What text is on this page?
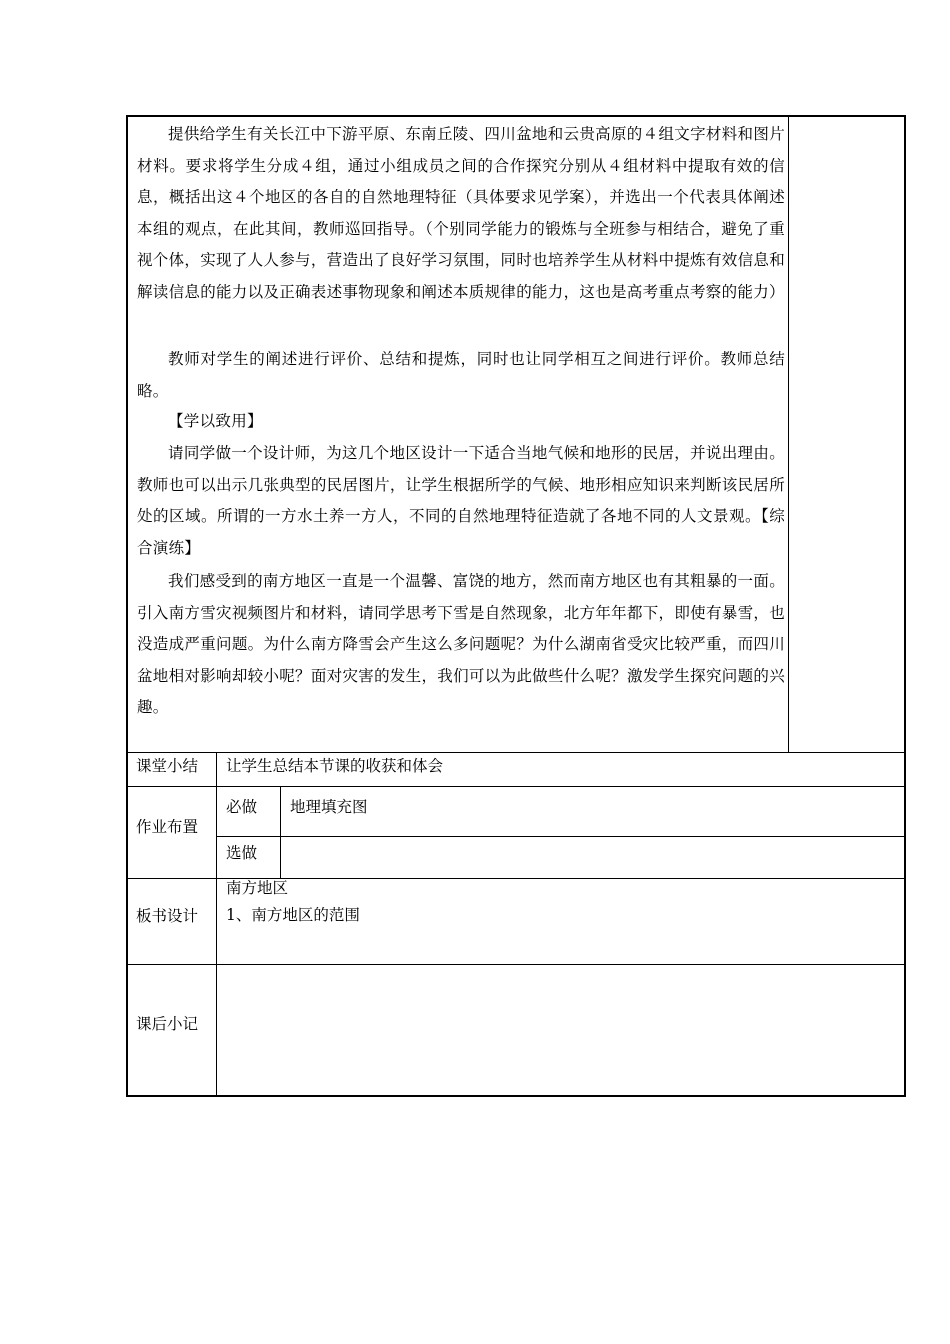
提供给学生有关长江中下游平原、东南丘陵、四川盆地和云贵高原的４组文字材料和图片材料。要求将学生分成４组，通过小组成员之间的合作探究分别从４组材料中提取有效的信息，概括出这４个地区的各自的自然地理特征（具体要求见学案），并选出一个代表具体阐述本组的观点，在此其间，教师巡回指导。（个别同学能力的锻炼与全班参与相结合，避免了重视个体，实现了人人参与，营造出了良好学习氛围，同时也培养学生从材料中提炼有效信息和解读信息的能力以及正确表述事物现象和阐述本质规律的能力，这也是高考重点考察的能力）

教师对学生的阐述进行评价、总结和提炼，同时也让同学相互之间进行评价。教师总结略。

【学以致用】

请同学做一个设计师，为这几个地区设计一下适合当地气候和地形的民居，并说出理由。教师也可以出示几张典型的民居图片，让学生根据所学的气候、地形相应知识来判断该民居所处的区域。所谓的一方水土养一方人，不同的自然地理特征造就了各地不同的人文景观。【综合演练】

我们感受到的南方地区一直是一个温馨、富饶的地方，然而南方地区也有其粗暴的一面。引入南方雪灾视频图片和材料，请同学思考下雪是自然现象，北方年年都下，即使有暴雪，也没造成严重问题。为什么南方降雪会产生这么多问题呢？为什么湖南省受灾比较严重，而四川盆地相对影响却较小呢？面对灾害的发生，我们可以为此做些什么呢？激发学生探究问题的兴趣。

课堂小结 让学生总结本节课的收获和体会
作业布置
必做 地理填充图
选做
板书设计
南方地区
1、南方地区的范围
课后小记
